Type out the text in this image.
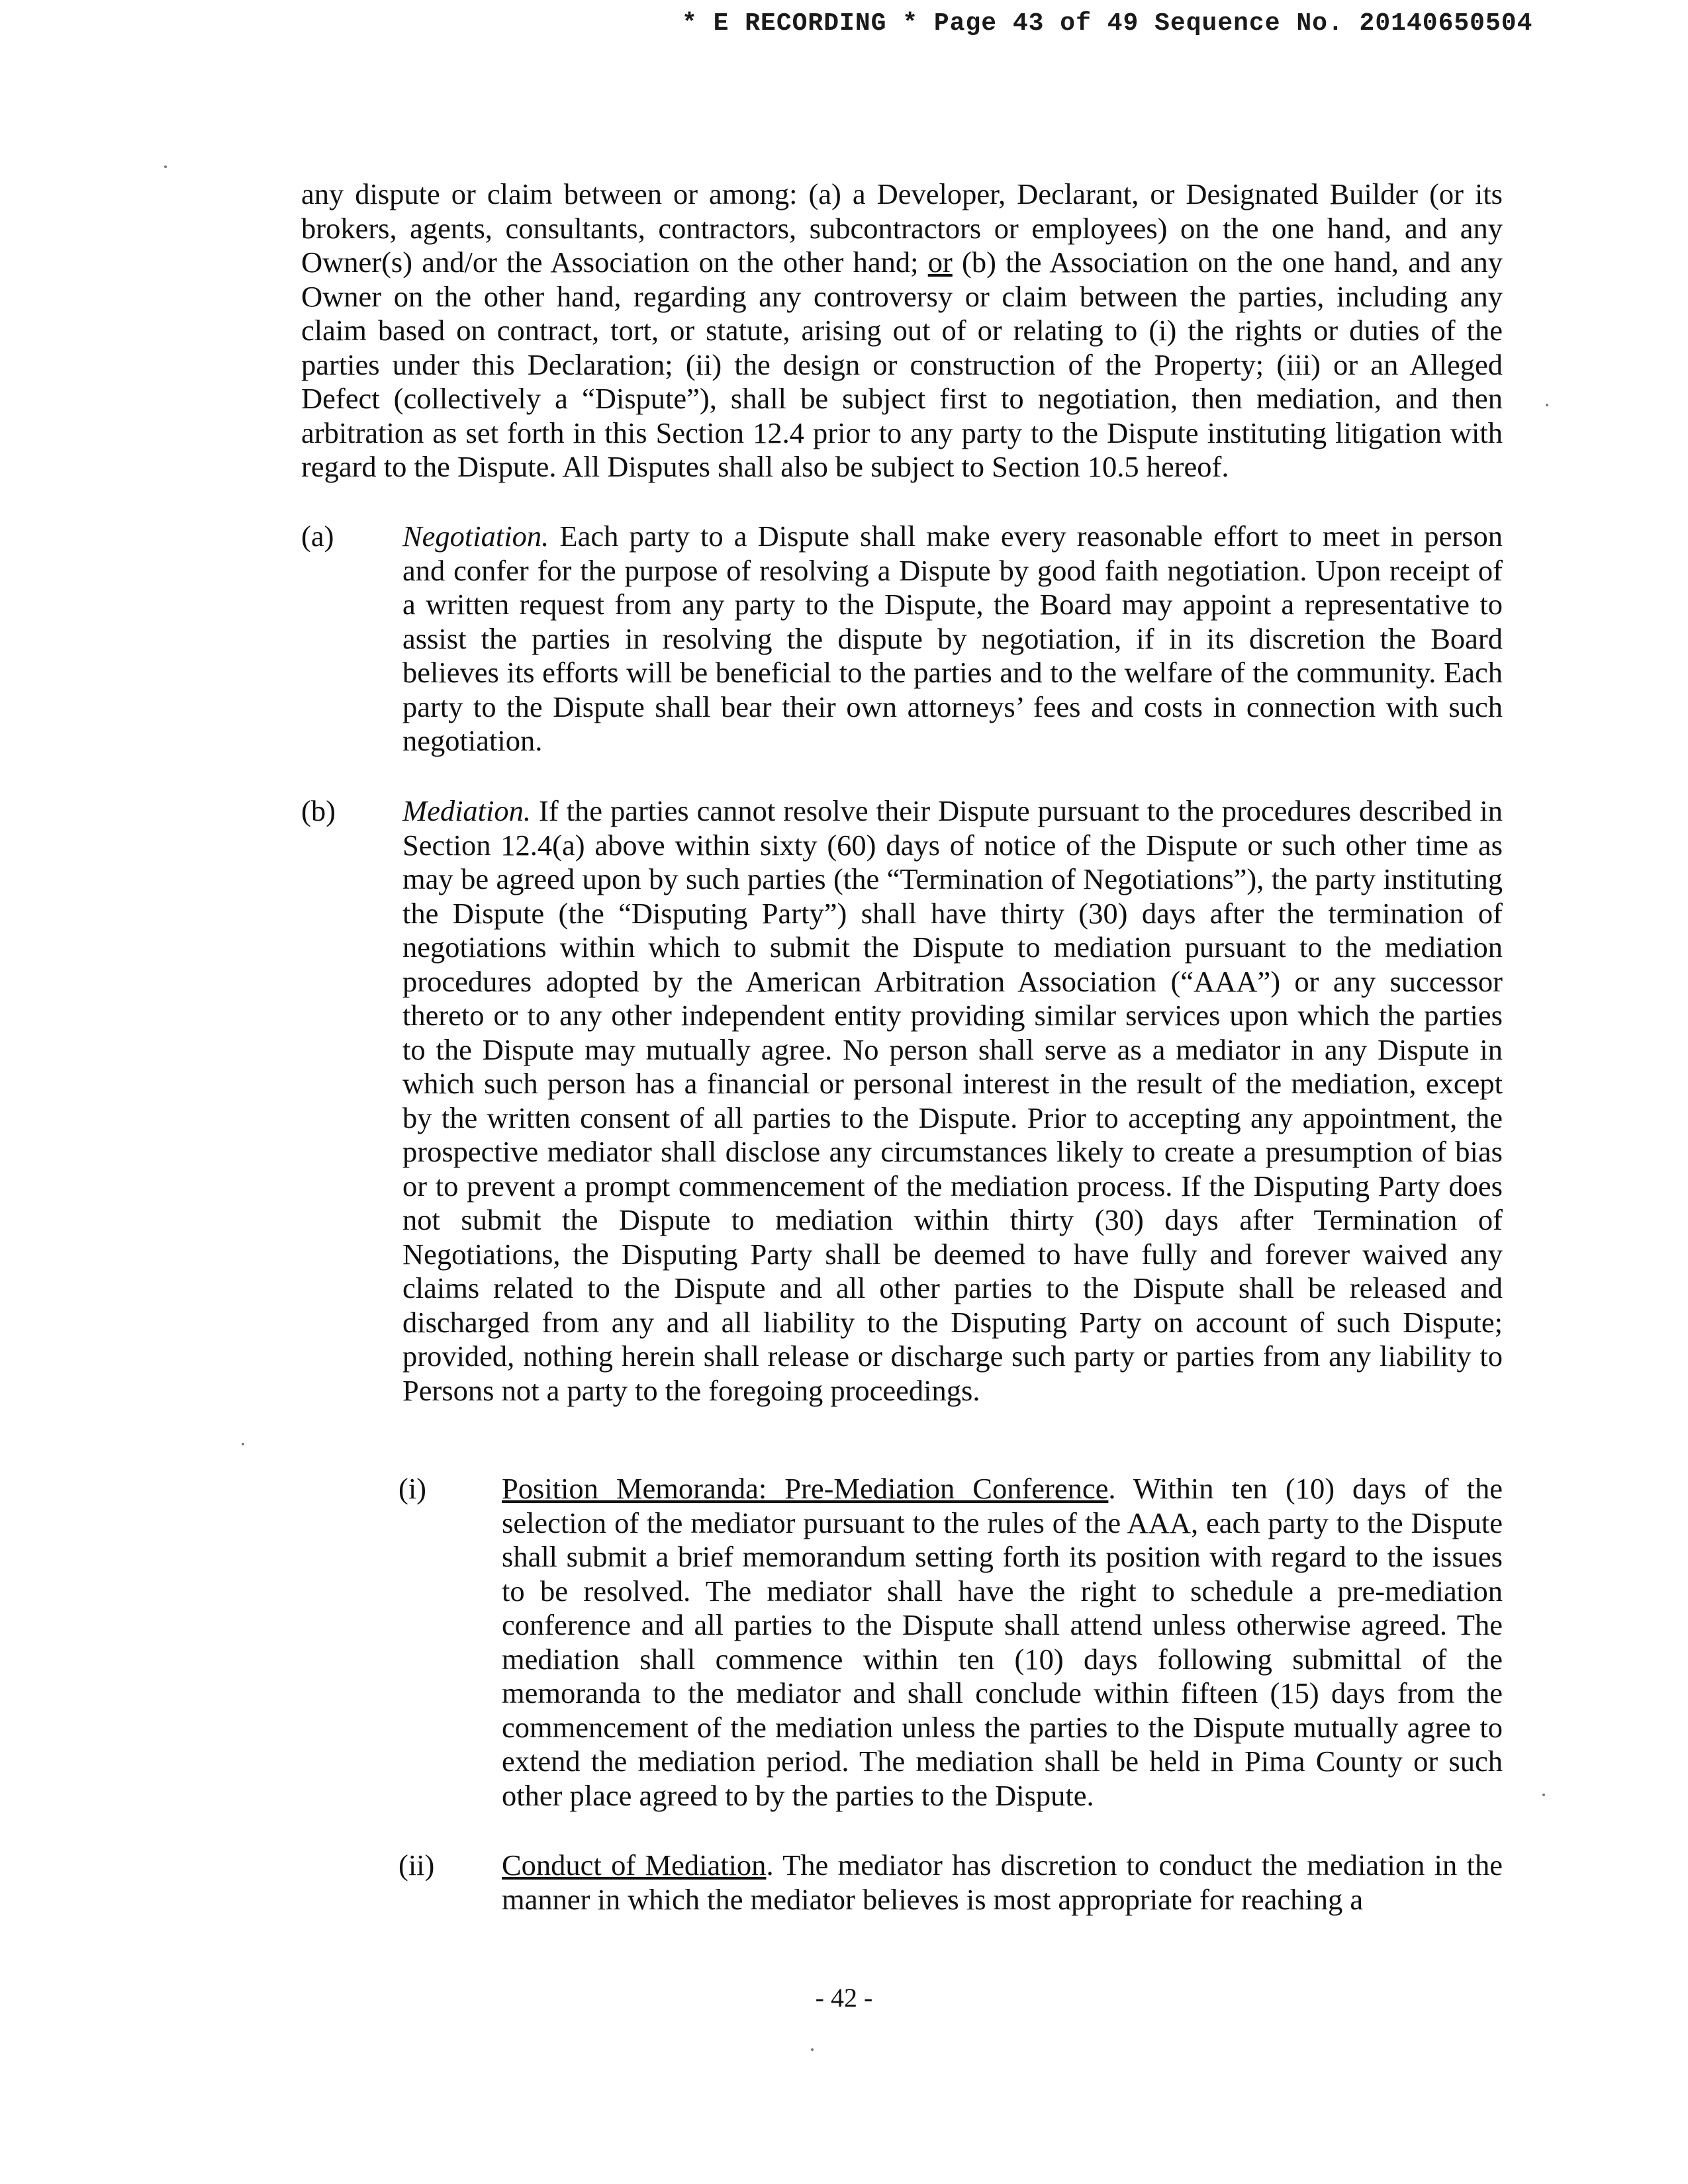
* E RECORDING * Page 43 of 49 Sequence No. 20140650504
any dispute or claim between or among: (a) a Developer, Declarant, or Designated Builder (or its brokers, agents, consultants, contractors, subcontractors or employees) on the one hand, and any Owner(s) and/or the Association on the other hand; or (b) the Association on the one hand, and any Owner on the other hand, regarding any controversy or claim between the parties, including any claim based on contract, tort, or statute, arising out of or relating to (i) the rights or duties of the parties under this Declaration; (ii) the design or construction of the Property; (iii) or an Alleged Defect (collectively a “Dispute”), shall be subject first to negotiation, then mediation, and then arbitration as set forth in this Section 12.4 prior to any party to the Dispute instituting litigation with regard to the Dispute. All Disputes shall also be subject to Section 10.5 hereof.
(a) Negotiation. Each party to a Dispute shall make every reasonable effort to meet in person and confer for the purpose of resolving a Dispute by good faith negotiation. Upon receipt of a written request from any party to the Dispute, the Board may appoint a representative to assist the parties in resolving the dispute by negotiation, if in its discretion the Board believes its efforts will be beneficial to the parties and to the welfare of the community. Each party to the Dispute shall bear their own attorneys’ fees and costs in connection with such negotiation.
(b) Mediation. If the parties cannot resolve their Dispute pursuant to the procedures described in Section 12.4(a) above within sixty (60) days of notice of the Dispute or such other time as may be agreed upon by such parties (the “Termination of Negotiations”), the party instituting the Dispute (the “Disputing Party”) shall have thirty (30) days after the termination of negotiations within which to submit the Dispute to mediation pursuant to the mediation procedures adopted by the American Arbitration Association (“AAA”) or any successor thereto or to any other independent entity providing similar services upon which the parties to the Dispute may mutually agree. No person shall serve as a mediator in any Dispute in which such person has a financial or personal interest in the result of the mediation, except by the written consent of all parties to the Dispute. Prior to accepting any appointment, the prospective mediator shall disclose any circumstances likely to create a presumption of bias or to prevent a prompt commencement of the mediation process. If the Disputing Party does not submit the Dispute to mediation within thirty (30) days after Termination of Negotiations, the Disputing Party shall be deemed to have fully and forever waived any claims related to the Dispute and all other parties to the Dispute shall be released and discharged from any and all liability to the Disputing Party on account of such Dispute; provided, nothing herein shall release or discharge such party or parties from any liability to Persons not a party to the foregoing proceedings.
(i)	Position Memoranda: Pre-Mediation Conference. Within ten (10) days of the selection of the mediator pursuant to the rules of the AAA, each party to the Dispute shall submit a brief memorandum setting forth its position with regard to the issues to be resolved. The mediator shall have the right to schedule a pre-mediation conference and all parties to the Dispute shall attend unless otherwise agreed. The mediation shall commence within ten (10) days following submittal of the memoranda to the mediator and shall conclude within fifteen (15) days from the commencement of the mediation unless the parties to the Dispute mutually agree to extend the mediation period. The mediation shall be held in Pima County or such other place agreed to by the parties to the Dispute.
(ii) Conduct of Mediation. The mediator has discretion to conduct the mediation in the manner in which the mediator believes is most appropriate for reaching a
- 42 -
